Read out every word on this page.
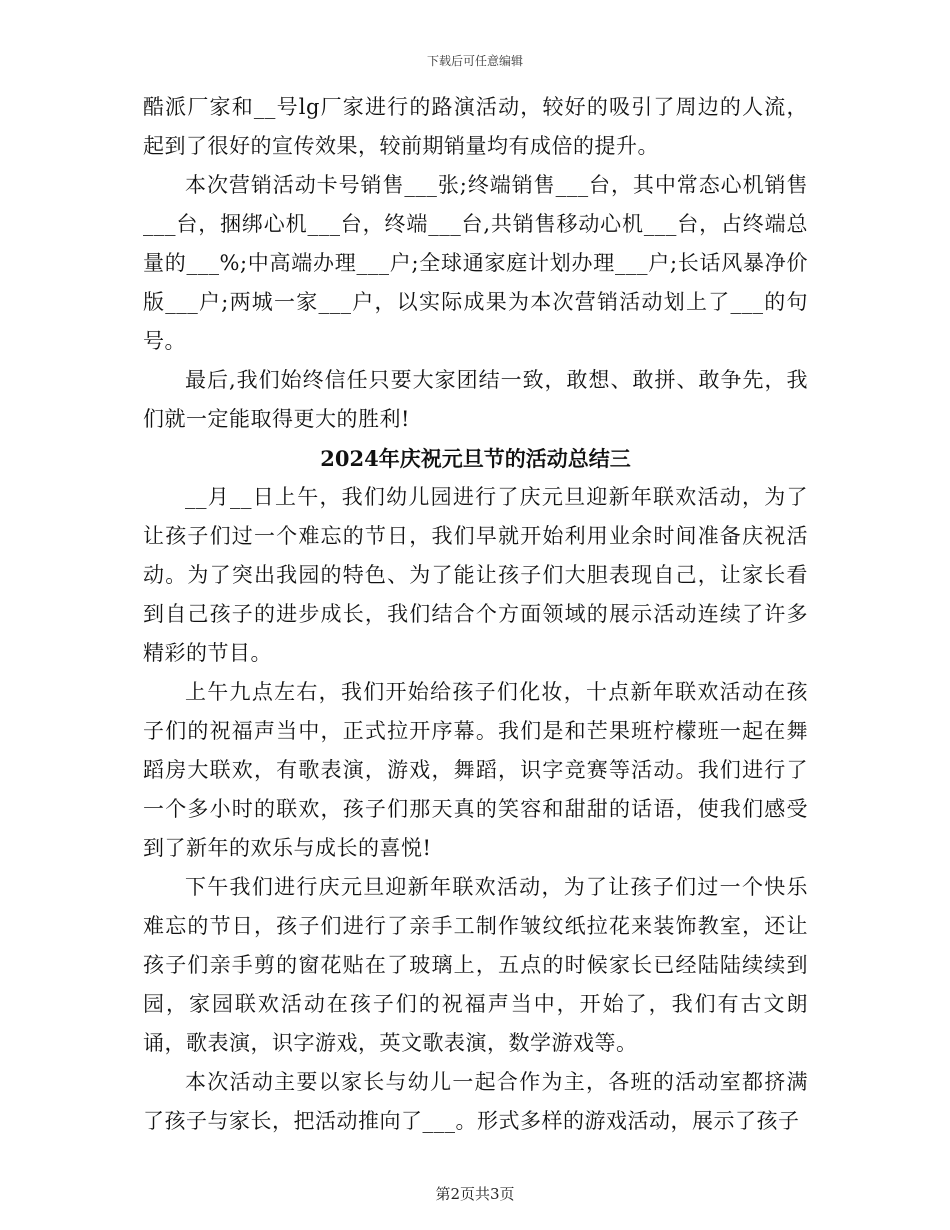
下载后可任意编辑

酷派厂家和__号lg厂家进行的路演活动，较好的吸引了周边的人流，起到了很好的宣传效果，较前期销量均有成倍的提升。

本次营销活动卡号销售___张;终端销售___台，其中常态心机销售___台，捆绑心机___台，终端___台,共销售移动心机___台，占终端总量的___%;中高端办理___户;全球通家庭计划办理___户;长话风暴净价版___户;两城一家___户，以实际成果为本次营销活动划上了___的句号。

最后,我们始终信任只要大家团结一致，敢想、敢拼、敢争先，我们就一定能取得更大的胜利!

2024年庆祝元旦节的活动总结三

__月__日上午，我们幼儿园进行了庆元旦迎新年联欢活动，为了让孩子们过一个难忘的节日，我们早就开始利用业余时间准备庆祝活动。为了突出我园的特色、为了能让孩子们大胆表现自己，让家长看到自己孩子的进步成长，我们结合个方面领域的展示活动连续了许多精彩的节目。

上午九点左右，我们开始给孩子们化妆，十点新年联欢活动在孩子们的祝福声当中，正式拉开序幕。我们是和芒果班柠檬班一起在舞蹈房大联欢，有歌表演，游戏，舞蹈，识字竞赛等活动。我们进行了一个多小时的联欢，孩子们那天真的笑容和甜甜的话语，使我们感受到了新年的欢乐与成长的喜悦!

下午我们进行庆元旦迎新年联欢活动，为了让孩子们过一个快乐难忘的节日，孩子们进行了亲手工制作皱纹纸拉花来装饰教室，还让孩子们亲手剪的窗花贴在了玻璃上，五点的时候家长已经陆陆续续到园，家园联欢活动在孩子们的祝福声当中，开始了，我们有古文朗诵，歌表演，识字游戏，英文歌表演，数学游戏等。

本次活动主要以家长与幼儿一起合作为主，各班的活动室都挤满了孩子与家长，把活动推向了___。形式多样的游戏活动，展示了孩子

第2页共3页
